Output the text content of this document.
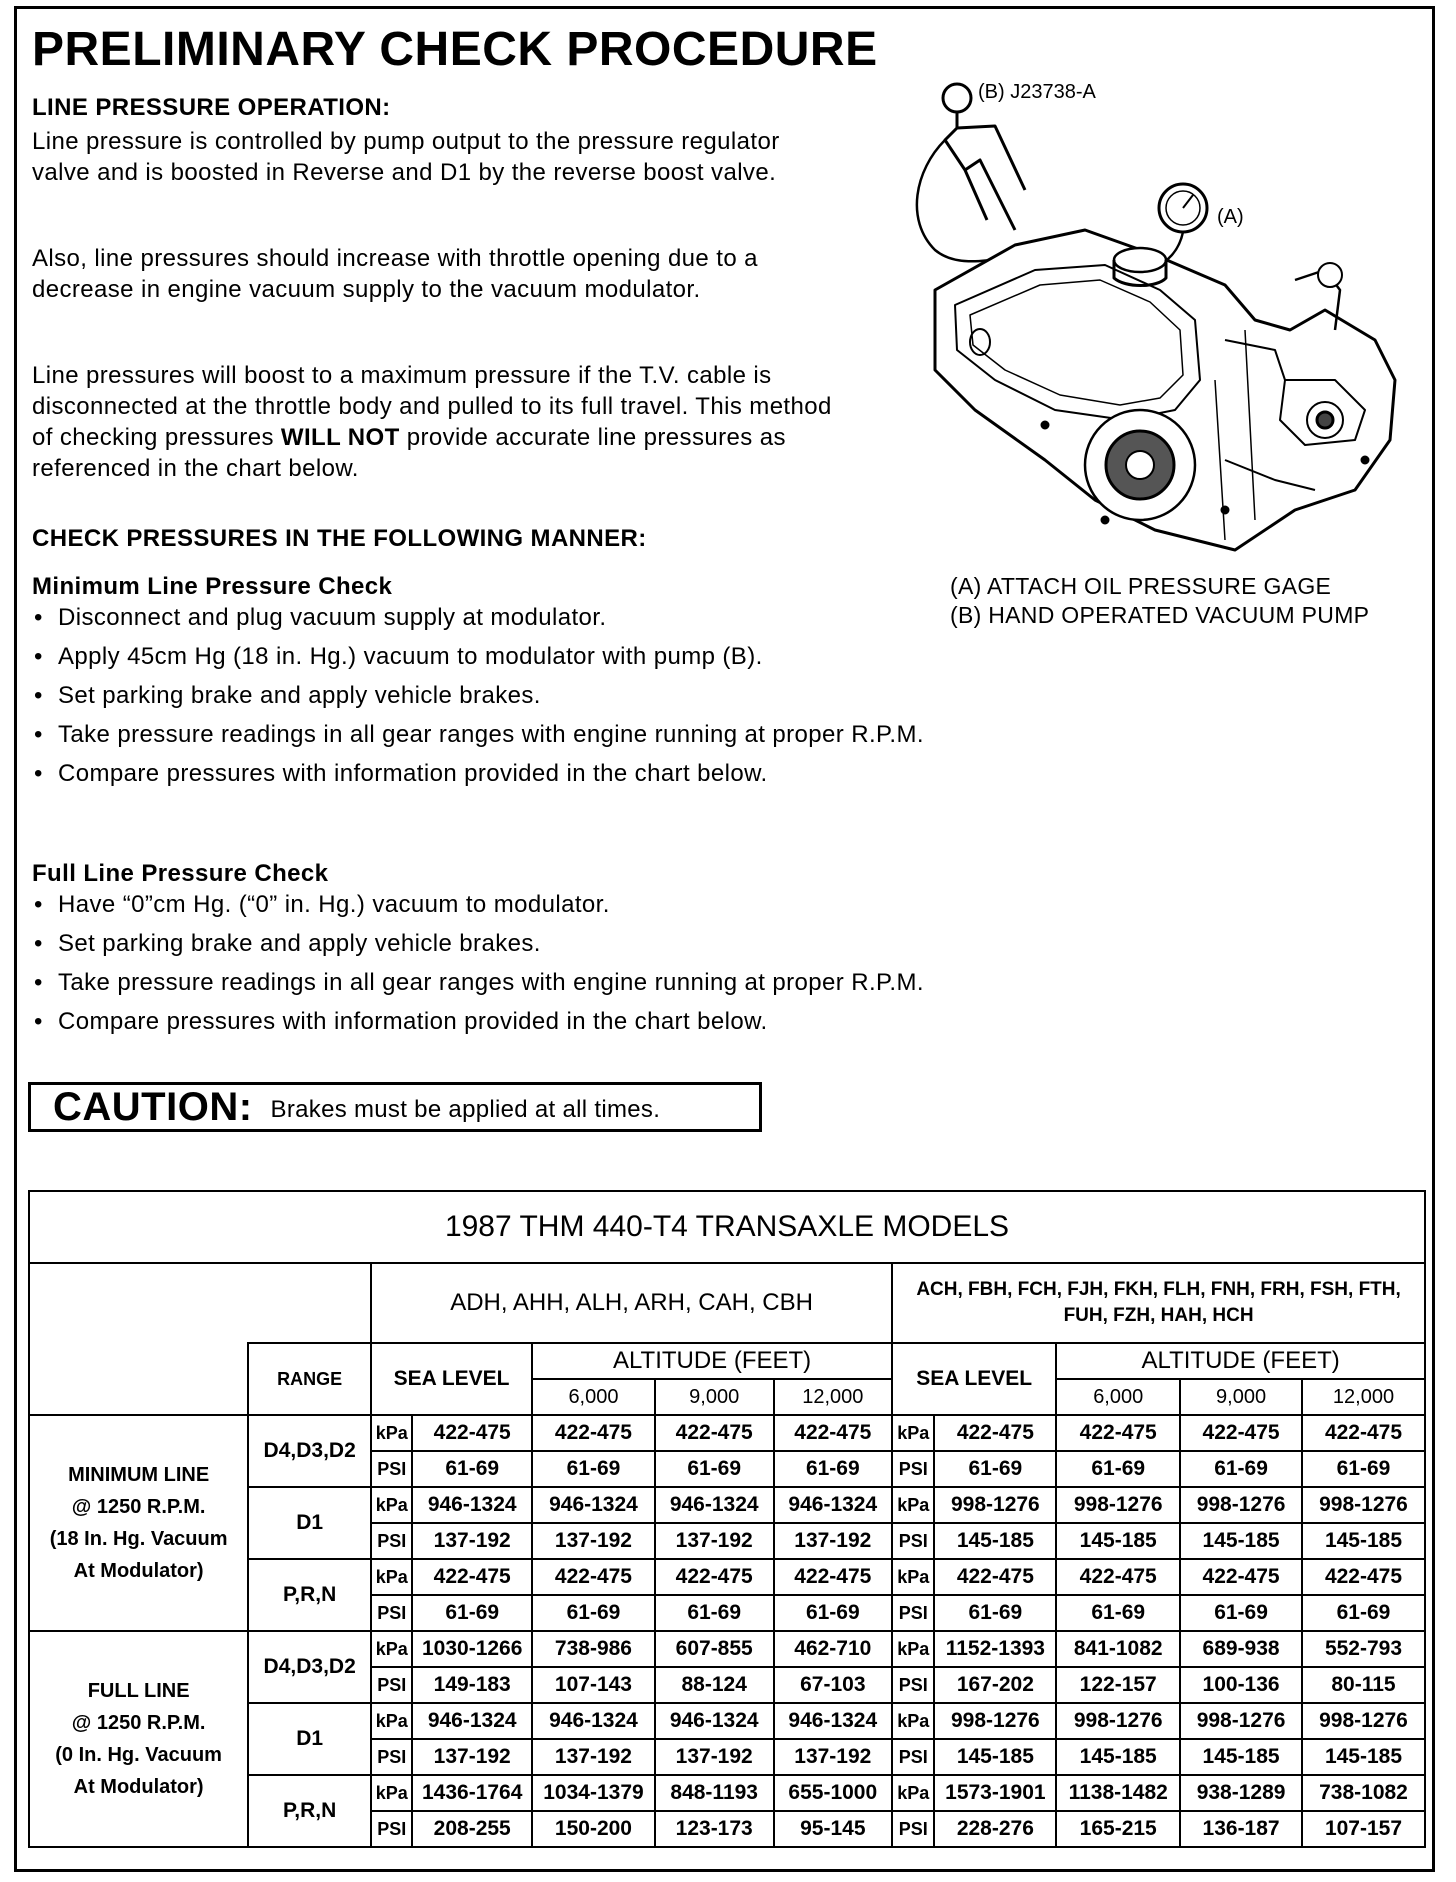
PRELIMINARY CHECK PROCEDURE

LINE PRESSURE OPERATION:

Line pressure is controlled by pump output to the pressure regulator valve and is boosted in Reverse and D1 by the reverse boost valve.

Also, line pressures should increase with throttle opening due to a decrease in engine vacuum supply to the vacuum modulator.

Line pressures will boost to a maximum pressure if the T.V. cable is disconnected at the throttle body and pulled to its full travel. This method of checking pressures WILL NOT provide accurate line pressures as referenced in the chart below.

CHECK PRESSURES IN THE FOLLOWING MANNER:

Minimum Line Pressure Check
• Disconnect and plug vacuum supply at modulator.
• Apply 45cm Hg (18 in. Hg.) vacuum to modulator with pump (B).
• Set parking brake and apply vehicle brakes.
• Take pressure readings in all gear ranges with engine running at proper R.P.M.
• Compare pressures with information provided in the chart below.
Full Line Pressure Check
• Have “0”cm Hg. (“0” in. Hg.) vacuum to modulator.
• Set parking brake and apply vehicle brakes.
• Take pressure readings in all gear ranges with engine running at proper R.P.M.
• Compare pressures with information provided in the chart below.
CAUTION: Brakes must be applied at all times.
(B) J23738-A
(A)
(A) ATTACH OIL PRESSURE GAGE
(B) HAND OPERATED VACUUM PUMP
1987 THM 440-T4 TRANSAXLE MODELS											
		ADH, AHH, ALH, ARH, CAH, CBH					ACH, FBH, FCH, FJH, FKH, FLH, FNH, FRH, FSH, FTH, FUH, FZH, HAH, HCH				
	RANGE	SEA LEVEL		ALTITUDE (FEET)			SEA LEVEL		ALTITUDE (FEET)		
				6,000	9,000	12,000			6,000	9,000	12,000

MINIMUM LINE
@ 1250 R.P.M.
(18 In. Hg. Vacuum
At Modulator)	D4,D3,D2	kPa	422-475	422-475	422-475	422-475	kPa	422-475	422-475	422-475	422-475
		PSI	61-69	61-69	61-69	61-69	PSI	61-69	61-69	61-69	61-69
	D1	kPa	946-1324	946-1324	946-1324	946-1324	kPa	998-1276	998-1276	998-1276	998-1276
		PSI	137-192	137-192	137-192	137-192	PSI	145-185	145-185	145-185	145-185
	P,R,N	kPa	422-475	422-475	422-475	422-475	kPa	422-475	422-475	422-475	422-475
		PSI	61-69	61-69	61-69	61-69	PSI	61-69	61-69	61-69	61-69

FULL LINE
@ 1250 R.P.M.
(0 In. Hg. Vacuum
At Modulator)	D4,D3,D2	kPa	1030-1266	738-986	607-855	462-710	kPa	1152-1393	841-1082	689-938	552-793
		PSI	149-183	107-143	88-124	67-103	PSI	167-202	122-157	100-136	80-115
	D1	kPa	946-1324	946-1324	946-1324	946-1324	kPa	998-1276	998-1276	998-1276	998-1276
		PSI	137-192	137-192	137-192	137-192	PSI	145-185	145-185	145-185	145-185
	P,R,N	kPa	1436-1764	1034-1379	848-1193	655-1000	kPa	1573-1901	1138-1482	938-1289	738-1082
		PSI	208-255	150-200	123-173	95-145	PSI	228-276	165-215	136-187	107-157
